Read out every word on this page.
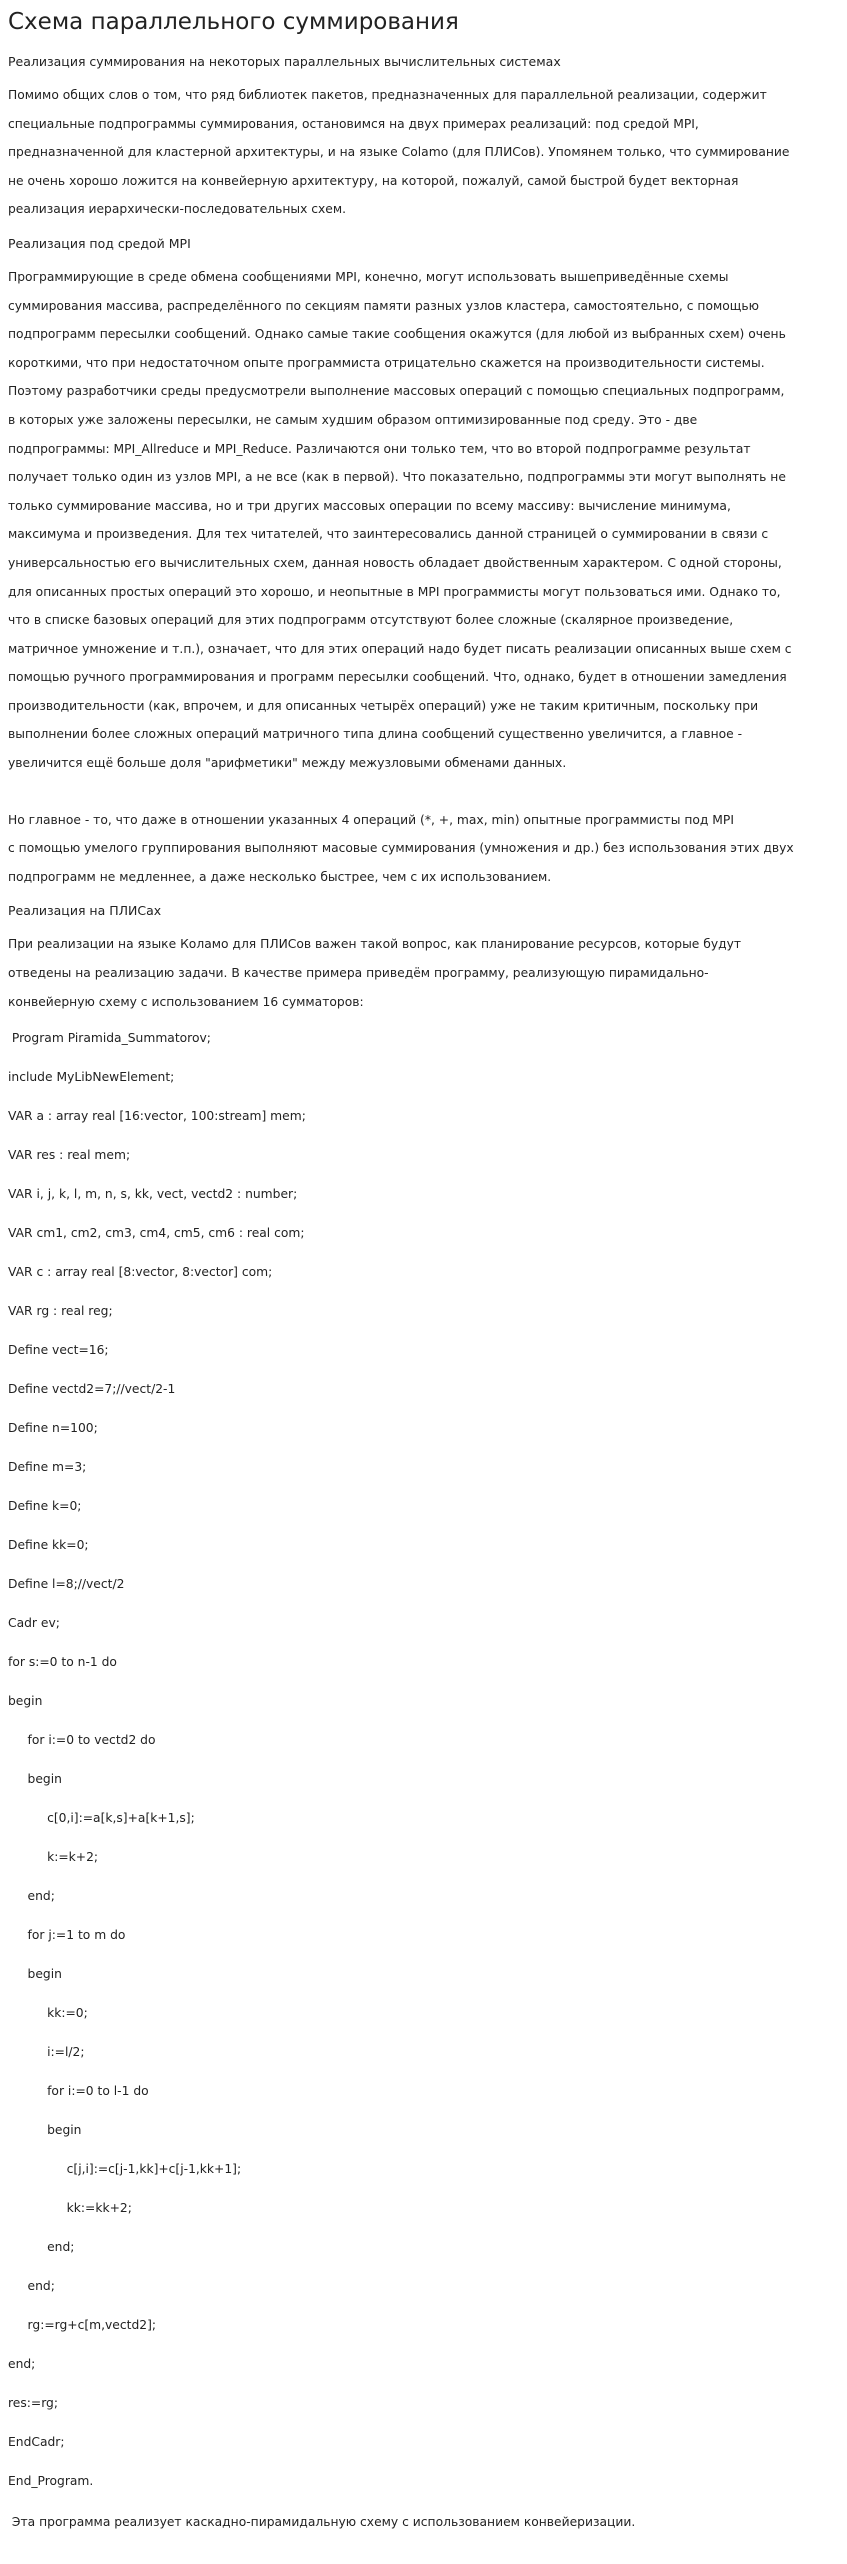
Схема параллельного суммирования

Реализация суммирования на некоторых параллельных вычислительных системах

Помимо общих слов о том, что ряд библиотек пакетов, предназначенных для параллельной реализации, содержит

специальные подпрограммы суммирования, остановимся на двух примерах реализаций: под средой MPI,

предназначенной для кластерной архитектуры, и на языке Colamo (для ПЛИСов). Упомянем только, что суммирование

не очень хорошо ложится на конвейерную архитектуру, на которой, пожалуй, самой быстрой будет векторная

реализация иерархически-последовательных схем.

Реализация под средой MPI

Программирующие в среде обмена сообщениями MPI, конечно, могут использовать вышеприведённые схемы

суммирования массива, распределённого по секциям памяти разных узлов кластера, самостоятельно, с помощью

подпрограмм пересылки сообщений. Однако самые такие сообщения окажутся (для любой из выбранных схем) очень

короткими, что при недостаточном опыте программиста отрицательно скажется на производительности системы.

Поэтому разработчики среды предусмотрели выполнение массовых операций с помощью специальных подпрограмм,

в которых уже заложены пересылки, не самым худшим образом оптимизированные под среду. Это - две

подпрограммы: MPI_Allreduce и MPI_Reduce. Различаются они только тем, что во второй подпрограмме результат

получает только один из узлов MPI, а не все (как в первой). Что показательно, подпрограммы эти могут выполнять не

только суммирование массива, но и три других массовых операции по всему массиву: вычисление минимума,

максимума и произведения. Для тех читателей, что заинтересовались данной страницей о суммировании в связи с

универсальностью его вычислительных схем, данная новость обладает двойственным характером. С одной стороны,

для описанных простых операций это хорошо, и неопытные в MPI программисты могут пользоваться ими. Однако то,

что в списке базовых операций для этих подпрограмм отсутствуют более сложные (скалярное произведение,

матричное умножение и т.п.), означает, что для этих операций надо будет писать реализации описанных выше схем с

помощью ручного программирования и программ пересылки сообщений. Что, однако, будет в отношении замедления

производительности (как, впрочем, и для описанных четырёх операций) уже не таким критичным, поскольку при

выполнении более сложных операций матричного типа длина сообщений существенно увеличится, а главное -

увеличится ещё больше доля "арифметики" между межузловыми обменами данных.

Но главное - то, что даже в отношении указанных 4 операций (*, +, max, min) опытные программисты под MPI

с помощью умелого группирования выполняют масовые суммирования (умножения и др.) без использования этих двух

подпрограмм не медленнее, а даже несколько быстрее, чем с их использованием.

Реализация на ПЛИСах

При реализации на языке Коламо для ПЛИСов важен такой вопрос, как планирование ресурсов, которые будут

отведены на реализацию задачи. В качестве примера приведём программу, реализующую пирамидально-

конвейерную схему с использованием 16 сумматоров:

Program Piramida_Summatorov;

include MyLibNewElement;

VAR a : array real [16:vector, 100:stream] mem;

VAR res : real mem;

VAR i, j, k, l, m, n, s, kk, vect, vectd2 : number;

VAR cm1, cm2, cm3, cm4, cm5, cm6 : real com;

VAR c : array real [8:vector, 8:vector] com;

VAR rg : real reg;

Define vect=16;

Define vectd2=7;//vect/2-1

Define n=100;

Define m=3;

Define k=0;

Define kk=0;

Define l=8;//vect/2

Cadr ev;

for s:=0 to n-1 do

begin

for i:=0 to vectd2 do

begin

c[0,i]:=a[k,s]+a[k+1,s];

k:=k+2;

end;

for j:=1 to m do

begin

kk:=0;

i:=l/2;

for i:=0 to l-1 do

begin

c[j,i]:=c[j-1,kk]+c[j-1,kk+1];

kk:=kk+2;

end;

end;

rg:=rg+c[m,vectd2];

end;

res:=rg;

EndCadr;

End_Program.

Эта программа реализует каскадно-пирамидальную схему с использованием конвейеризации.
